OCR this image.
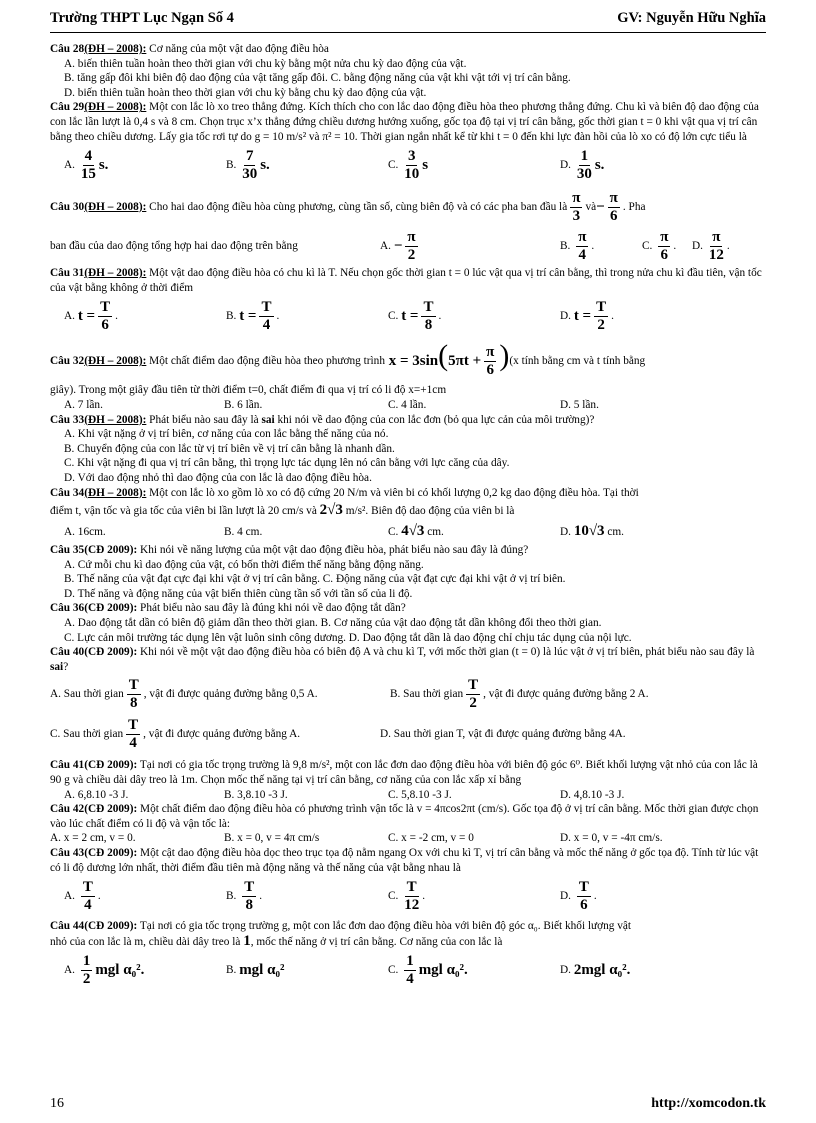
Trường THPT Lục Ngạn Số 4	GV: Nguyễn Hữu Nghĩa

Câu 28(ĐH – 2008): Cơ năng của một vật dao động điều hòa

A. biến thiên tuần hoàn theo thời gian với chu kỳ bằng một nửa chu kỳ dao động của vật.

B. tăng gấp đôi khi biên độ dao động của vật tăng gấp đôi. C. bằng động năng của vật khi vật tới vị trí cân bằng.

D. biến thiên tuần hoàn theo thời gian với chu kỳ bằng chu kỳ dao động của vật.

Câu 29(ĐH – 2008): Một con lắc lò xo treo thẳng đứng. Kích thích cho con lắc dao động điều hòa theo phương thẳng đứng. Chu kì và biên độ dao động của con lắc lần lượt là 0,4 s và 8 cm. Chọn trục x’x thẳng đứng chiều dương hướng xuống, gốc tọa độ tại vị trí cân bằng, gốc thời gian t = 0 khi vật qua vị trí cân bằng theo chiều dương. Lấy gia tốc rơi tự do g = 10 m/s² và π² = 10. Thời gian ngắn nhất kể từ khi t = 0 đến khi lực đàn hồi của lò xo có độ lớn cực tiểu là

A.
$\frac{4}{15} s$.	B.
$\frac{7}{30} s$.	C.
$\frac{3}{10}$ s	D.
$\frac{1}{30} s$.
Câu 30(ĐH – 2008): Cho hai dao động điều hòa cùng phương, cùng tần số, cùng biên độ và có các pha ban đầu là $\frac{\pi}{3}$ và − $\frac{\pi}{6}$ . Pha
ban đầu của dao động tổng hợp hai dao động trên bằng	A.
− $\frac{\pi}{2}$	B.
$\frac{\pi}{4}$ .	C.
$\frac{\pi}{6}$ .	D.
$\frac{\pi}{12}$ .

Câu 31(ĐH – 2008): Một vật dao động điều hòa có chu kì là T. Nếu chọn gốc thời gian t = 0 lúc vật qua vị trí cân bằng, thì trong nửa chu kì đầu tiên, vận tốc của vật bằng không ở thời điểm

A.
$t = \frac{T}{6}$ .	B.
$t = \frac{T}{4}$ .	C.
$t = \frac{T}{8}$ .	D.
$t = \frac{T}{2}$ .
Câu 32(ĐH – 2008): Một chất điểm dao động điều hòa theo phương trình $x = 3\sin(5\pi t + \frac{\pi}{6}$ ) (x tính bằng cm và t tính bằng

giây). Trong một giây đầu tiên từ thời điểm t=0, chất điểm đi qua vị trí có li độ x=+1cm

A. 7 lần.	B. 6 lần.	C. 4 lần.	D. 5 lần.

Câu 33(ĐH – 2008): Phát biểu nào sau đây là sai khi nói về dao động của con lắc đơn (bỏ qua lực cản của môi trường)?

A. Khi vật nặng ở vị trí biên, cơ năng của con lắc bằng thế năng của nó.

B. Chuyển động của con lắc từ vị trí biên về vị trí cân bằng là nhanh dần.

C. Khi vật nặng đi qua vị trí cân bằng, thì trọng lực tác dụng lên nó cân bằng với lực căng của dây.

D. Với dao động nhỏ thì dao động của con lắc là dao động điều hòa.

Câu 34(ĐH – 2008): Một con lắc lò xo gồm lò xo có độ cứng 20 N/m và viên bi có khối lượng 0,2 kg dao động điều hòa. Tại thời

điểm t, vận tốc và gia tốc của viên bi lần lượt là 20 cm/s và 2√3 m/s². Biên độ dao động của viên bi là

A. 16cm.	B. 4 cm.	C. 4√3 cm.	D. 10√3 cm.

Câu 35(CĐ 2009): Khi nói về năng lượng của một vật dao động điều hòa, phát biểu nào sau đây là đúng?

A. Cứ mỗi chu kì dao động của vật, có bốn thời điểm thế năng bằng động năng.

B. Thế năng của vật đạt cực đại khi vật ở vị trí cân bằng. C. Động năng của vật đạt cực đại khi vật ở vị trí biên.

D. Thế năng và động năng của vật biến thiên cùng tần số với tần số của li độ.

Câu 36(CĐ 2009): Phát biểu nào sau đây là đúng khi nói về dao động tắt dần?

A. Dao động tắt dần có biên độ giảm dần theo thời gian. B. Cơ năng của vật dao động tắt dần không đổi theo thời gian.

C. Lực cản môi trường tác dụng lên vật luôn sinh công dương. D. Dao động tắt dần là dao động chỉ chịu tác dụng của nội lực.

Câu 40(CĐ 2009): Khi nói về một vật dao động điều hòa có biên độ A và chu kì T, với mốc thời gian (t = 0) là lúc vật ở vị trí biên, phát biểu nào sau đây là sai?

A. Sau thời gian $\frac{T}{8}$ , vật đi được quảng đường bằng 0,5 A.	B. Sau thời gian $\frac{T}{2}$ , vật đi được quảng đường bằng 2 A.
C. Sau thời gian $\frac{T}{4}$ , vật đi được quảng đường bằng A.	D. Sau thời gian T, vật đi được quảng đường bằng 4A.

Câu 41(CĐ 2009): Tại nơi có gia tốc trọng trường là 9,8 m/s², một con lắc đơn dao động điều hòa với biên độ góc 6⁰. Biết khối lượng vật nhỏ của con lắc là 90 g và chiều dài dây treo là 1m. Chọn mốc thế năng tại vị trí cân bằng, cơ năng của con lắc xấp xỉ bằng

A. 6,8.10 -3 J.	B. 3,8.10 -3 J.	C. 5,8.10 -3 J.	D. 4,8.10 -3 J.

Câu 42(CĐ 2009): Một chất điểm dao động điều hòa có phương trình vận tốc là v = 4πcos2πt (cm/s). Gốc tọa độ ở vị trí cân bằng. Mốc thời gian được chọn vào lúc chất điểm có li độ và vận tốc là:

A. x = 2 cm, v = 0.	B. x = 0, v = 4π cm/s	C. x = -2 cm, v = 0	D. x = 0, v = -4π cm/s.

Câu 43(CĐ 2009): Một cật dao động điều hòa dọc theo trục tọa độ nằm ngang Ox với chu kì T, vị trí cân bằng và mốc thế năng ở gốc tọa độ. Tính từ lúc vật có li độ dương lớn nhất, thời điểm đầu tiên mà động năng và thế năng của vật bằng nhau là

A.
$\frac{T}{4}$ .	B.
$\frac{T}{8}$ .	C.
$\frac{T}{12}$ .	D.
$\frac{T}{6}$ .

Câu 44(CĐ 2009): Tại nơi có gia tốc trọng trường g, một con lắc đơn dao động điều hòa với biên độ góc α₀. Biết khối lượng vật

nhỏ của con lắc là m, chiều dài dây treo là 1, mốc thế năng ở vị trí cân bằng. Cơ năng của con lắc là

A.
$\frac{1}{2}$ mgl α₀².	B.
mgl α₀²	C.
$\frac{1}{4}$ mgl α₀².	D.
2mgl α₀².
16	http://xomcodon.tk
